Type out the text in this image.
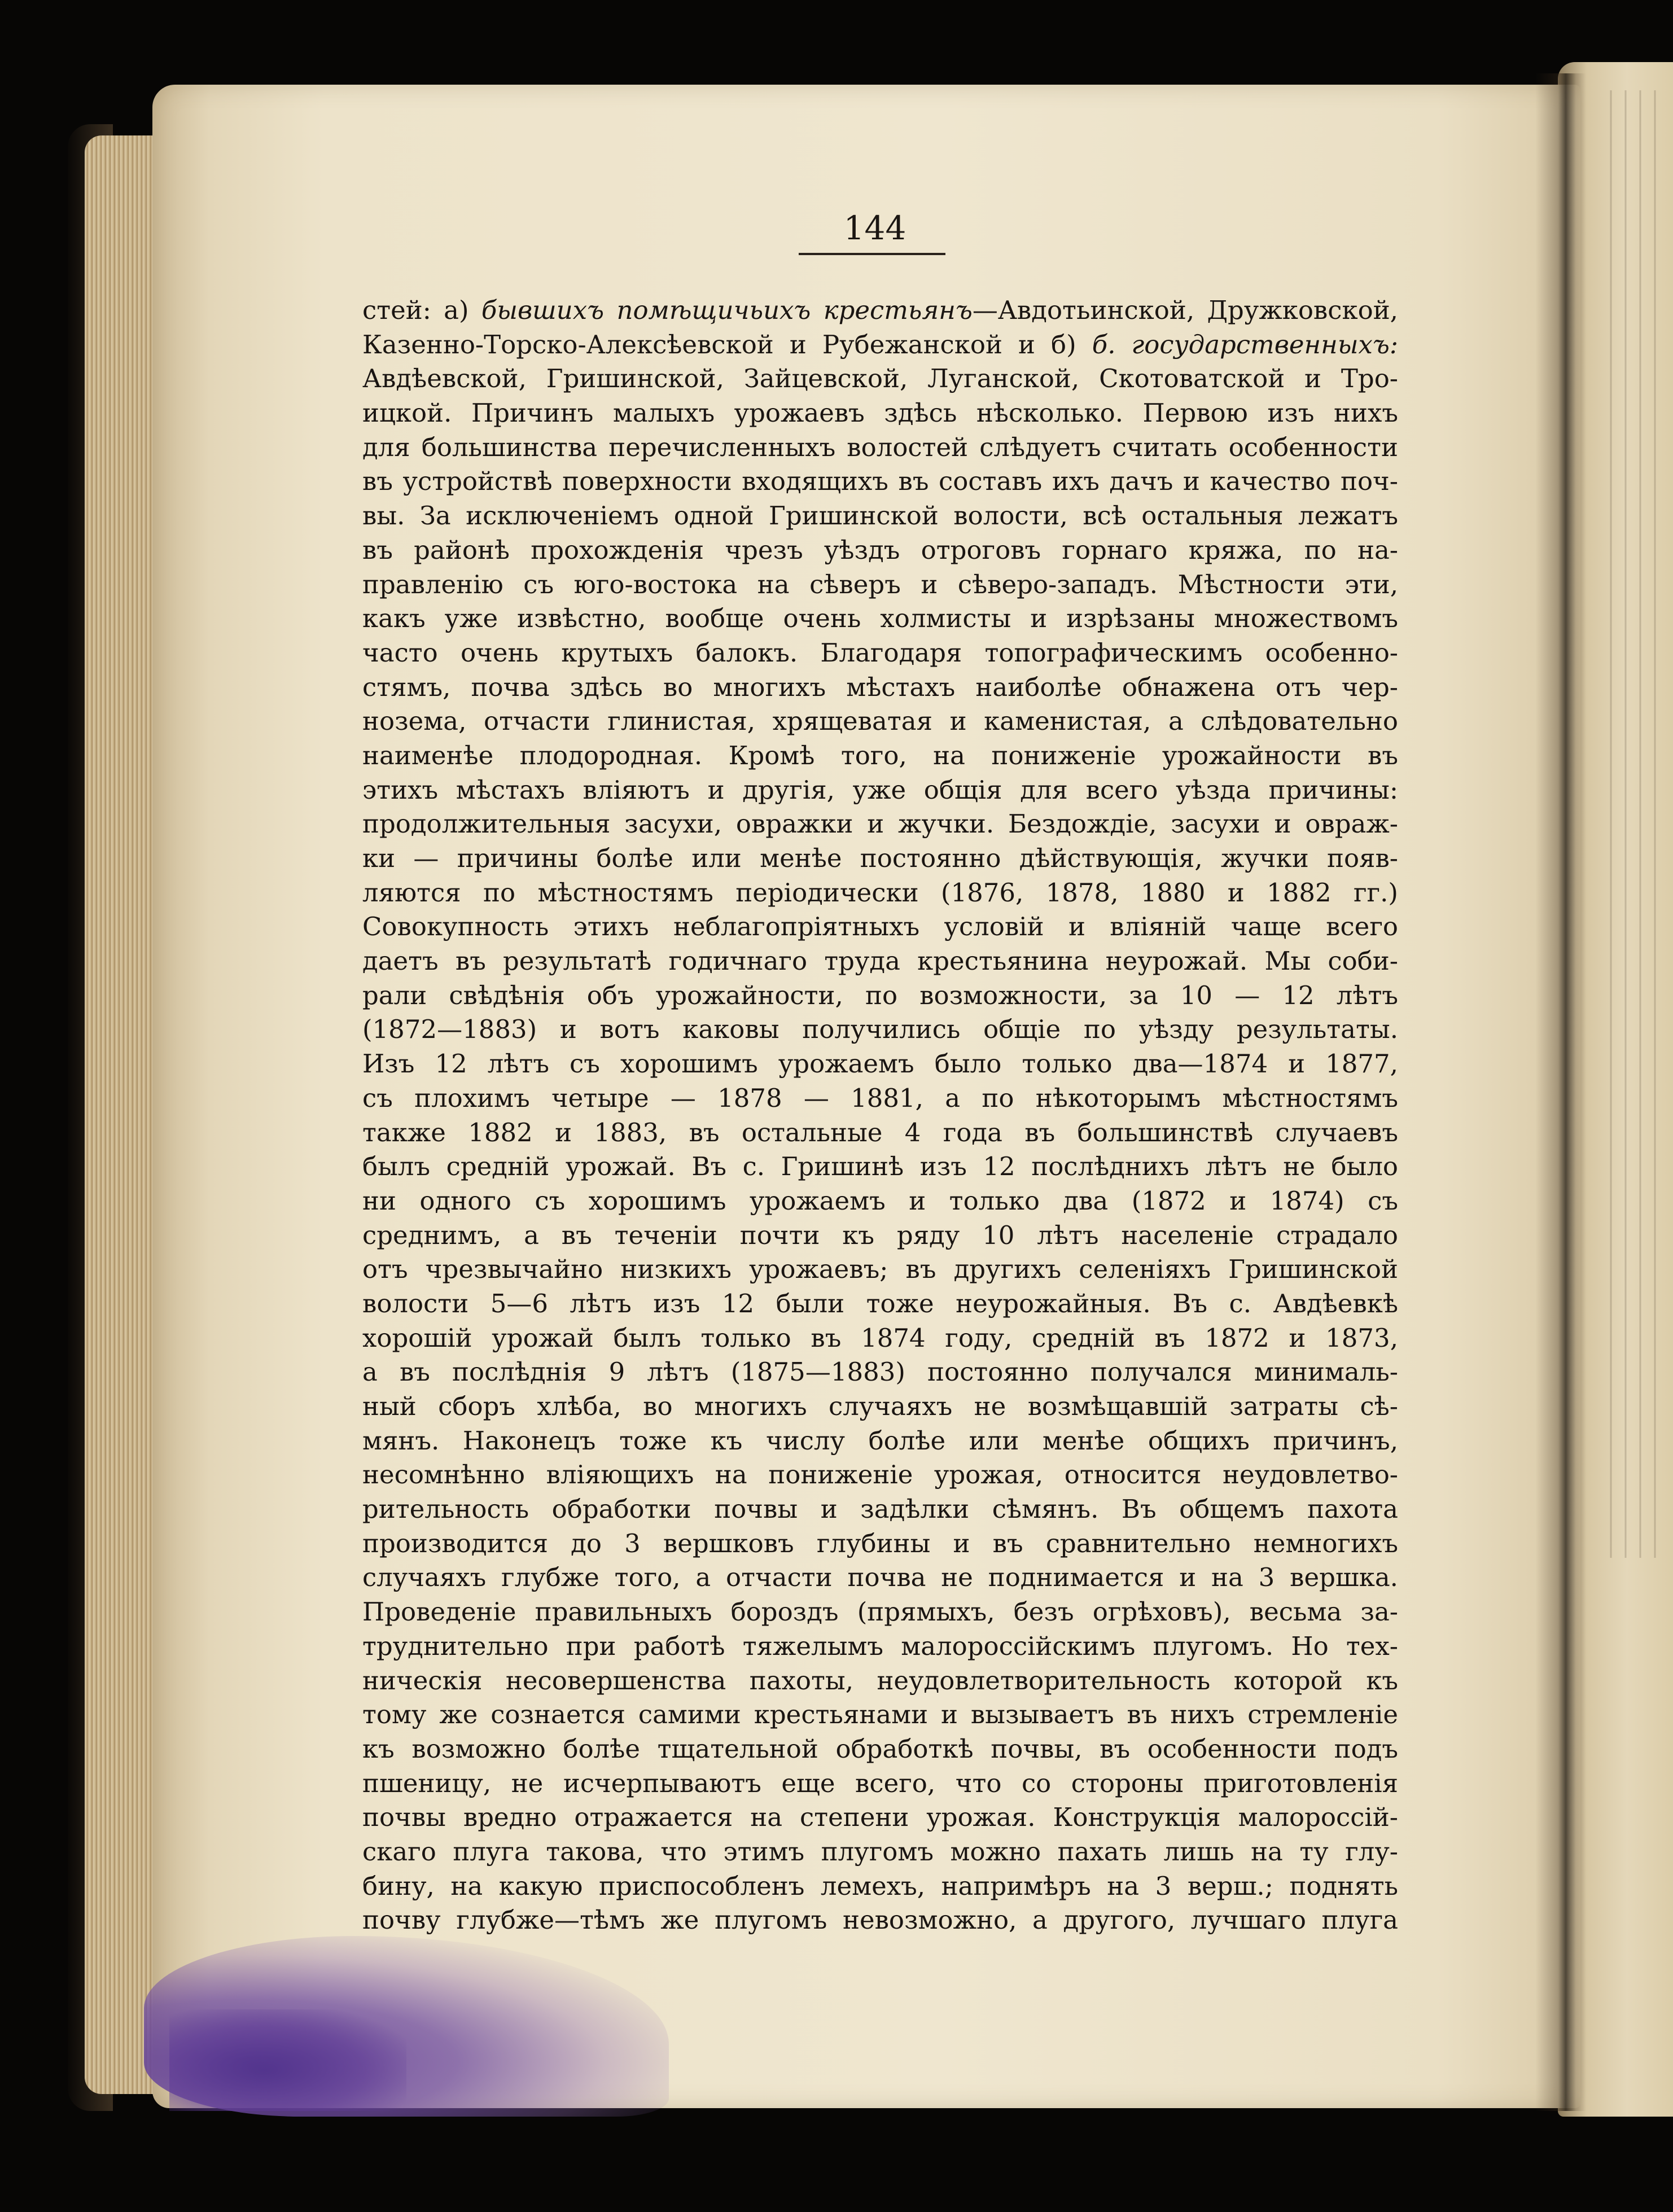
144
стей: а) бывшихъ помѣщичьихъ крестьянъ—Авдотьинской, Дружковской,
Казенно-Торско-Алексѣевской и Рубежанской и б) б. государственныхъ:
Авдѣевской, Гришинской, Зайцевской, Луганской, Скотоватской и Тро-
ицкой. Причинъ малыхъ урожаевъ здѣсь нѣсколько. Первою изъ нихъ
для большинства перечисленныхъ волостей слѣдуетъ считать особенности
въ устройствѣ поверхности входящихъ въ составъ ихъ дачъ и качество поч-
вы. За исключеніемъ одной Гришинской волости, всѣ остальныя лежатъ
въ районѣ прохожденія чрезъ уѣздъ отроговъ горнаго кряжа, по на-
правленію съ юго-востока на сѣверъ и сѣверо-западъ. Мѣстности эти,
какъ уже извѣстно, вообще очень холмисты и изрѣзаны множествомъ
часто очень крутыхъ балокъ. Благодаря топографическимъ особенно-
стямъ, почва здѣсь во многихъ мѣстахъ наиболѣе обнажена отъ чер-
нозема, отчасти глинистая, хрящеватая и каменистая, а слѣдовательно
наименѣе плодородная. Кромѣ того, на пониженіе урожайности въ
этихъ мѣстахъ вліяютъ и другія, уже общія для всего уѣзда причины:
продолжительныя засухи, овражки и жучки. Бездождіе, засухи и овраж-
ки — причины болѣе или менѣе постоянно дѣйствующія, жучки появ-
ляются по мѣстностямъ періодически (1876, 1878, 1880 и 1882 гг.)
Совокупность этихъ неблагопріятныхъ условій и вліяній чаще всего
даетъ въ результатѣ годичнаго труда крестьянина неурожай. Мы соби-
рали свѣдѣнія объ урожайности, по возможности, за 10 — 12 лѣтъ
(1872—1883) и вотъ каковы получились общіе по уѣзду результаты.
Изъ 12 лѣтъ съ хорошимъ урожаемъ было только два—1874 и 1877,
съ плохимъ четыре — 1878 — 1881, а по нѣкоторымъ мѣстностямъ
также 1882 и 1883, въ остальные 4 года въ большинствѣ случаевъ
былъ средній урожай. Въ с. Гришинѣ изъ 12 послѣднихъ лѣтъ не было
ни одного съ хорошимъ урожаемъ и только два (1872 и 1874) съ
среднимъ, а въ теченіи почти къ ряду 10 лѣтъ населеніе страдало
отъ чрезвычайно низкихъ урожаевъ; въ другихъ селеніяхъ Гришинской
волости 5—6 лѣтъ изъ 12 были тоже неурожайныя. Въ с. Авдѣевкѣ
хорошій урожай былъ только въ 1874 году, средній въ 1872 и 1873,
а въ послѣднія 9 лѣтъ (1875—1883) постоянно получался минималь-
ный сборъ хлѣба, во многихъ случаяхъ не возмѣщавшій затраты сѣ-
мянъ. Наконецъ тоже къ числу болѣе или менѣе общихъ причинъ,
несомнѣнно вліяющихъ на пониженіе урожая, относится неудовлетво-
рительность обработки почвы и задѣлки сѣмянъ. Въ общемъ пахота
производится до 3 вершковъ глубины и въ сравнительно немногихъ
случаяхъ глубже того, а отчасти почва не поднимается и на 3 вершка.
Проведеніе правильныхъ бороздъ (прямыхъ, безъ огрѣховъ), весьма за-
труднительно при работѣ тяжелымъ малороссійскимъ плугомъ. Но тех-
ническія несовершенства пахоты, неудовлетворительность которой къ
тому же сознается самими крестьянами и вызываетъ въ нихъ стремленіе
къ возможно болѣе тщательной обработкѣ почвы, въ особенности подъ
пшеницу, не исчерпываютъ еще всего, что со стороны приготовленія
почвы вредно отражается на степени урожая. Конструкція малороссій-
скаго плуга такова, что этимъ плугомъ можно пахать лишь на ту глу-
бину, на какую приспособленъ лемехъ, напримѣръ на 3 верш.; поднять
почву глубже—тѣмъ же плугомъ невозможно, а другого, лучшаго плуга
